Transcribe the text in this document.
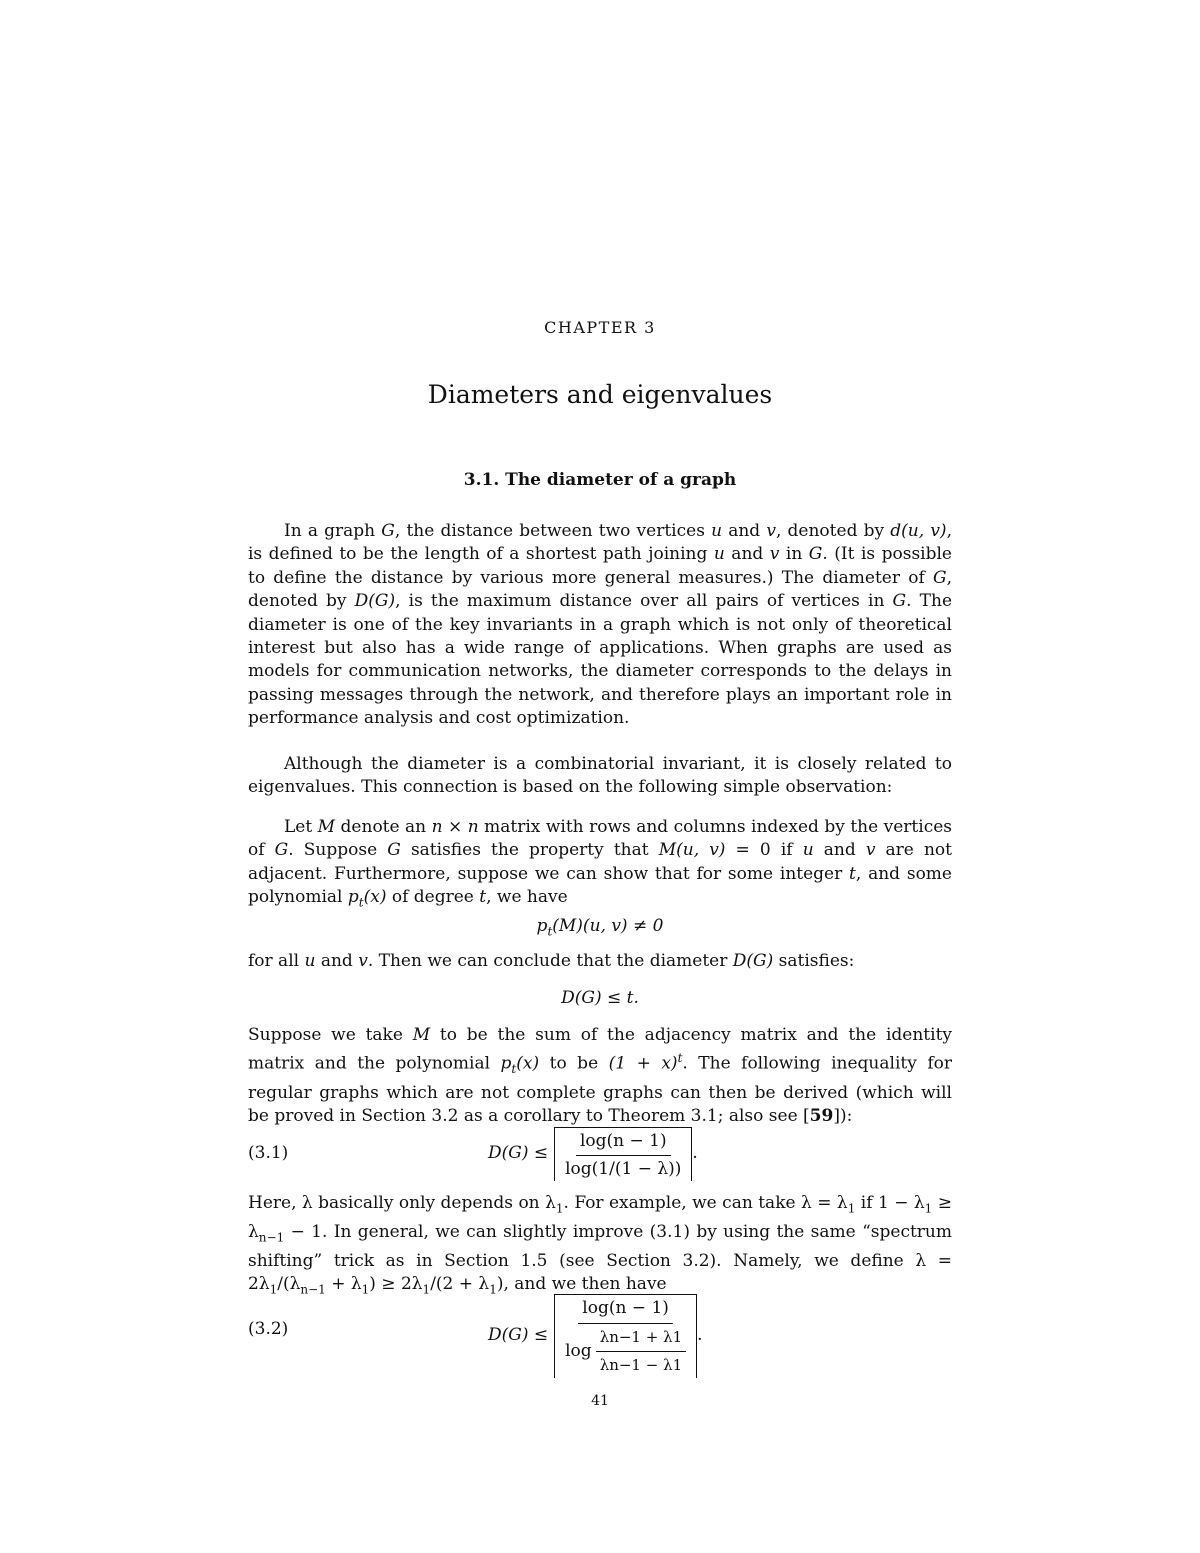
CHAPTER 3
Diameters and eigenvalues
3.1. The diameter of a graph

In a graph G, the distance between two vertices u and v, denoted by d(u, v), is defined to be the length of a shortest path joining u and v in G. (It is possible to define the distance by various more general measures.) The diameter of G, denoted by D(G), is the maximum distance over all pairs of vertices in G. The diameter is one of the key invariants in a graph which is not only of theoretical interest but also has a wide range of applications. When graphs are used as models for communication networks, the diameter corresponds to the delays in passing messages through the network, and therefore plays an important role in performance analysis and cost optimization.

Although the diameter is a combinatorial invariant, it is closely related to eigenvalues. This connection is based on the following simple observation:

Let M denote an n × n matrix with rows and columns indexed by the vertices of G. Suppose G satisfies the property that M(u, v) = 0 if u and v are not adjacent. Furthermore, suppose we can show that for some integer t, and some polynomial $p_t(x)$ of degree t, we have

$p_t(M)(u$, v) ≠ 0

for all u and v. Then we can conclude that the diameter D(G) satisfies:

D(G) ≤ t.

Suppose we take M to be the sum of the adjacency matrix and the identity matrix and the polynomial $p_t(x)$ to be $(1 + x)^t$. The following inequality for regular graphs which are not complete graphs can then be derived (which will be proved in Section 3.2 as a corollary to Theorem 3.1; also see [59]):

(3.1)	$D(G) \le \frac{\log(n - 1)}{\log(1/(1 - \lambda))}$ .

Here, λ basically only depends on $\lambda_1$. For example, we can take $\lambda = \lambda_1$ if $1 - \lambda_1 \ge \lambda_{n-1} - 1$. In general, we can slightly improve (3.1) by using the same “spectrum shifting” trick as in Section 1.5 (see Section 3.2). Namely, we define $\lambda = 2\lambda_1/(\lambda_{n-1} + \lambda_1) \ge 2\lambda_1/(2 + \lambda_1)$, and we then have

(3.2)	D(G) ≤
log(n − 1)
$\log \frac{\lambda n-1 + \lambda 1}{\lambda n-1 - \lambda 1}$ .
41
